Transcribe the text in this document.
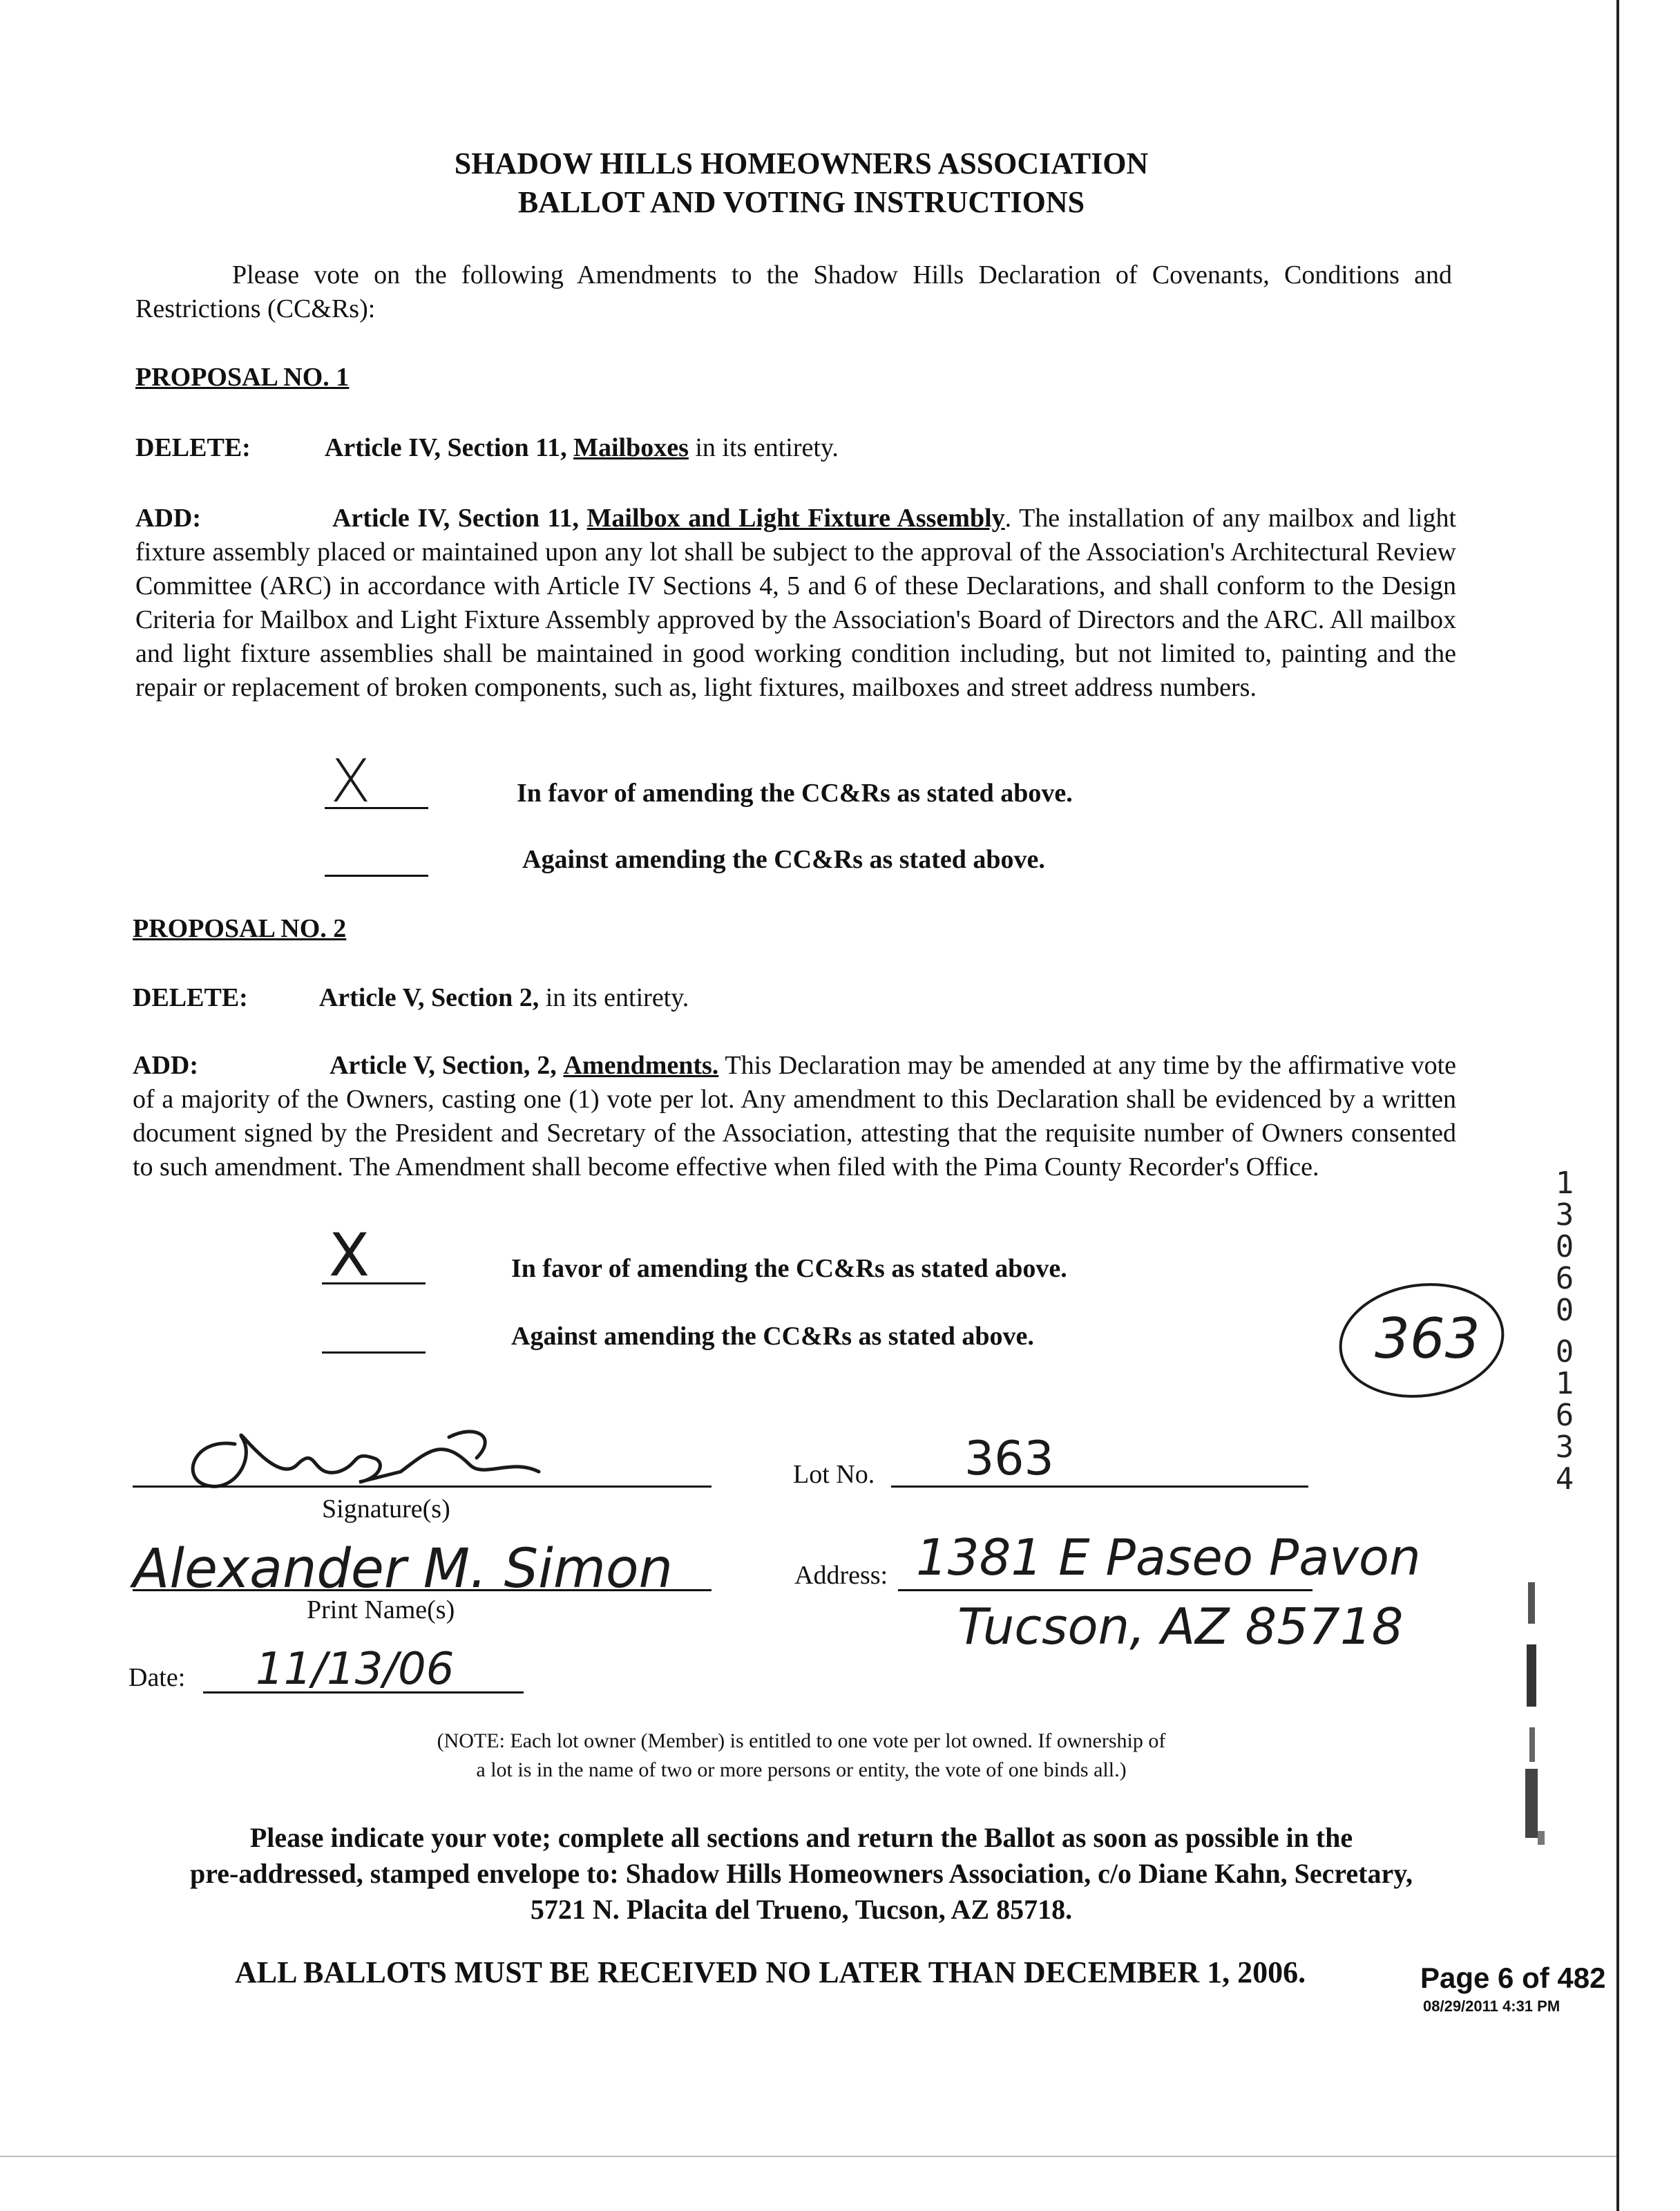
SHADOW HILLS HOMEOWNERS ASSOCIATION
BALLOT AND VOTING INSTRUCTIONS
Please vote on the following Amendments to the Shadow Hills Declaration of Covenants, Conditions and Restrictions (CC&Rs):
PROPOSAL NO. 1
DELETE:	Article IV, Section 11, Mailboxes in its entirety.
ADD:	Article IV, Section 11, Mailbox and Light Fixture Assembly. The installation of any mailbox and light fixture assembly placed or maintained upon any lot shall be subject to the approval of the Association's Architectural Review Committee (ARC) in accordance with Article IV Sections 4, 5 and 6 of these Declarations, and shall conform to the Design Criteria for Mailbox and Light Fixture Assembly approved by the Association's Board of Directors and the ARC. All mailbox and light fixture assemblies shall be maintained in good working condition including, but not limited to, painting and the repair or replacement of broken components, such as, light fixtures, mailboxes and street address numbers.
X	In favor of amending the CC&Rs as stated above.
Against amending the CC&Rs as stated above.
PROPOSAL NO. 2
DELETE:	Article V, Section 2, in its entirety.
ADD:	Article V, Section, 2, Amendments. This Declaration may be amended at any time by the affirmative vote of a majority of the Owners, casting one (1) vote per lot. Any amendment to this Declaration shall be evidenced by a written document signed by the President and Secretary of the Association, attesting that the requisite number of Owners consented to such amendment. The Amendment shall become effective when filed with the Pima County Recorder's Office.
X	In favor of amending the CC&Rs as stated above.
Against amending the CC&Rs as stated above.	363
1
3
0
6
0
0
1
6
3
4
Signature(s)
Alexander M. Simon
Print Name(s)
Date: 11/13/06
Lot No. 363
Address: 1381 E Paseo Pavon
Tucson, AZ 85718
(NOTE: Each lot owner (Member) is entitled to one vote per lot owned. If ownership of
a lot is in the name of two or more persons or entity, the vote of one binds all.)
Please indicate your vote; complete all sections and return the Ballot as soon as possible in the
pre-addressed, stamped envelope to: Shadow Hills Homeowners Association, c/o Diane Kahn, Secretary,
5721 N. Placita del Trueno, Tucson, AZ 85718.
ALL BALLOTS MUST BE RECEIVED NO LATER THAN DECEMBER 1, 2006.	Page 6 of 482
08/29/2011 4:31 PM
